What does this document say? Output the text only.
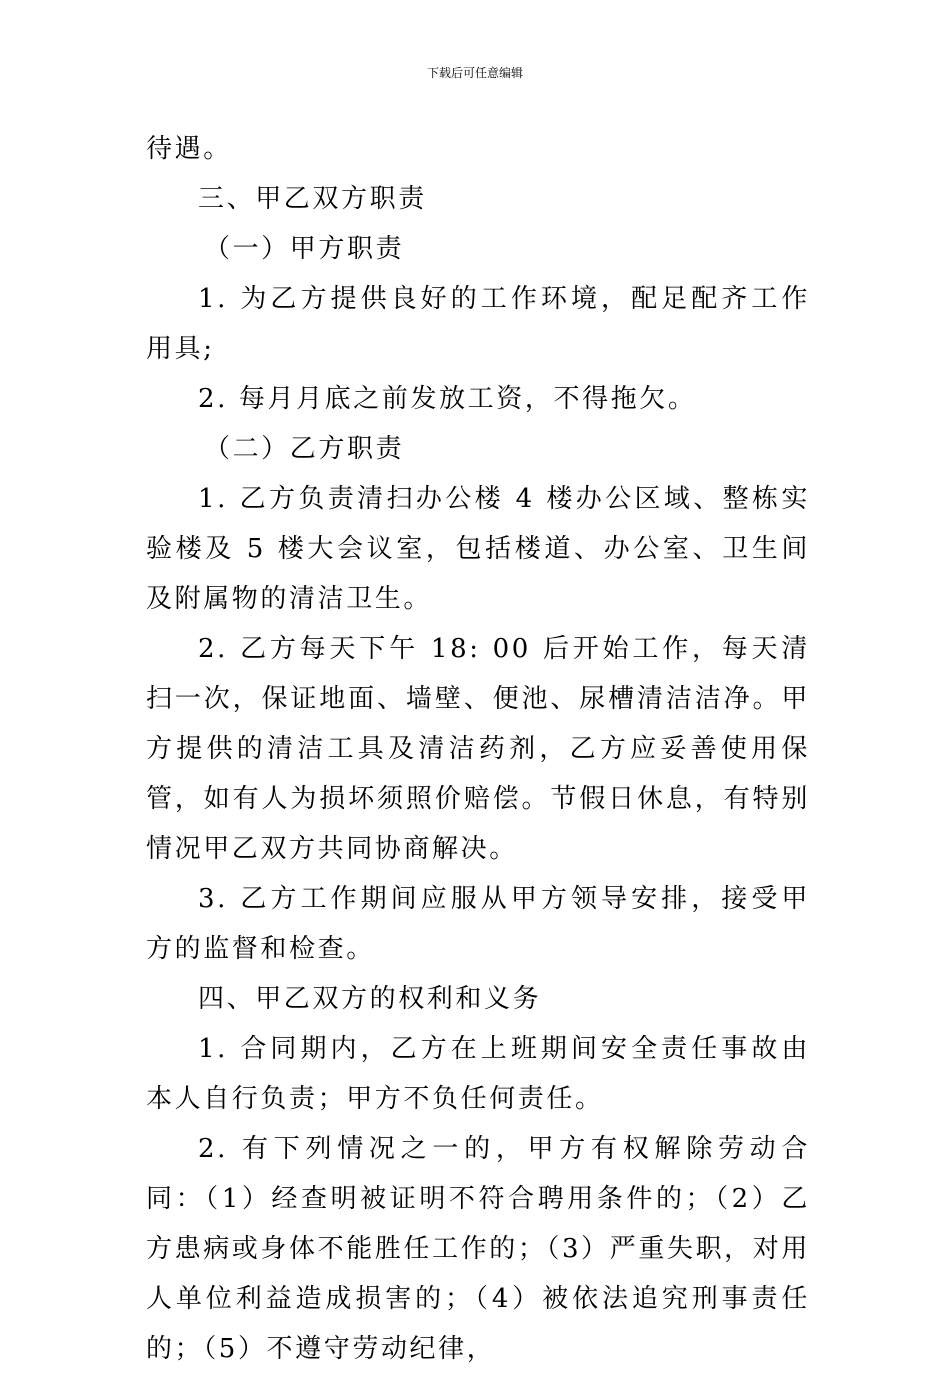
下载后可任意编辑

待遇。

三、甲乙双方职责

（一）甲方职责

1. 为乙方提供良好的工作环境，配足配齐工作用具;

2. 每月月底之前发放工资，不得拖欠。

（二）乙方职责

1. 乙方负责清扫办公楼 4 楼办公区域、整栋实验楼及 5 楼大会议室，包括楼道、办公室、卫生间及附属物的清洁卫生。

2. 乙方每天下午 18: 00 后开始工作，每天清扫一次，保证地面、墙壁、便池、尿槽清洁洁净。甲方提供的清洁工具及清洁药剂，乙方应妥善使用保管，如有人为损坏须照价赔偿。节假日休息，有特别情况甲乙双方共同协商解决。

3. 乙方工作期间应服从甲方领导安排，接受甲方的监督和检查。

四、甲乙双方的权利和义务

1. 合同期内，乙方在上班期间安全责任事故由本人自行负责；甲方不负任何责任。

2. 有下列情况之一的，甲方有权解除劳动合同：（1）经查明被证明不符合聘用条件的；（2）乙方患病或身体不能胜任工作的；（3）严重失职，对用人单位利益造成损害的；（4）被依法追究刑事责任的；（5）不遵守劳动纪律，
